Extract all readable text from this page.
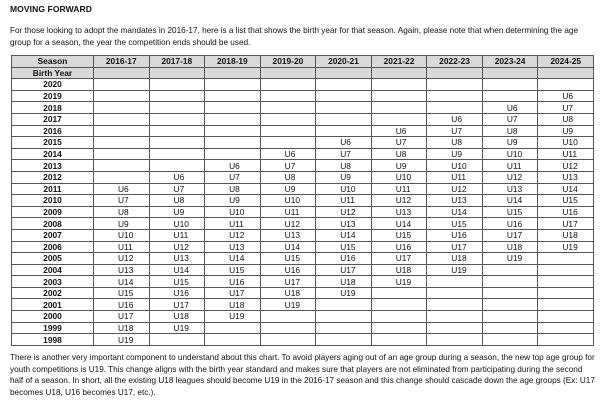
MOVING FORWARD

For those looking to adopt the mandates in 2016-17, here is a list that shows the birth year for that season. Again, please note that when determining the age group for a season, the year the competition ends should be used.

Season	2016-17	2017-18	2018-19	2019-20	2020-21	2021-22	2022-23	2023-24	2024-25
Birth Year									
2020									
2019									U6
2018								U6	U7
2017							U6	U7	U8
2016						U6	U7	U8	U9
2015					U6	U7	U8	U9	U10
2014				U6	U7	U8	U9	U10	U11
2013			U6	U7	U8	U9	U10	U11	U12
2012		U6	U7	U8	U9	U10	U11	U12	U13
2011	U6	U7	U8	U9	U10	U11	U12	U13	U14
2010	U7	U8	U9	U10	U11	U12	U13	U14	U15
2009	U8	U9	U10	U11	U12	U13	U14	U15	U16
2008	U9	U10	U11	U12	U13	U14	U15	U16	U17
2007	U10	U11	U12	U13	U14	U15	U16	U17	U18
2006	U11	U12	U13	U14	U15	U16	U17	U18	U19
2005	U12	U13	U14	U15	U16	U17	U18	U19	
2004	U13	U14	U15	U16	U17	U18	U19		
2003	U14	U15	U16	U17	U18	U19			
2002	U15	U16	U17	U18	U19				
2001	U16	U17	U18	U19					
2000	U17	U18	U19						
1999	U18	U19							
1998	U19								

There is another very important component to understand about this chart. To avoid players aging out of an age group during a season, the new top age group for youth competitions is U19. This change aligns with the birth year standard and makes sure that players are not eliminated from participating during the second half of a season. In short, all the existing U18 leagues should become U19 in the 2016-17 season and this change should cascade down the age groups (Ex: U17 becomes U18, U16 becomes U17, etc.).
